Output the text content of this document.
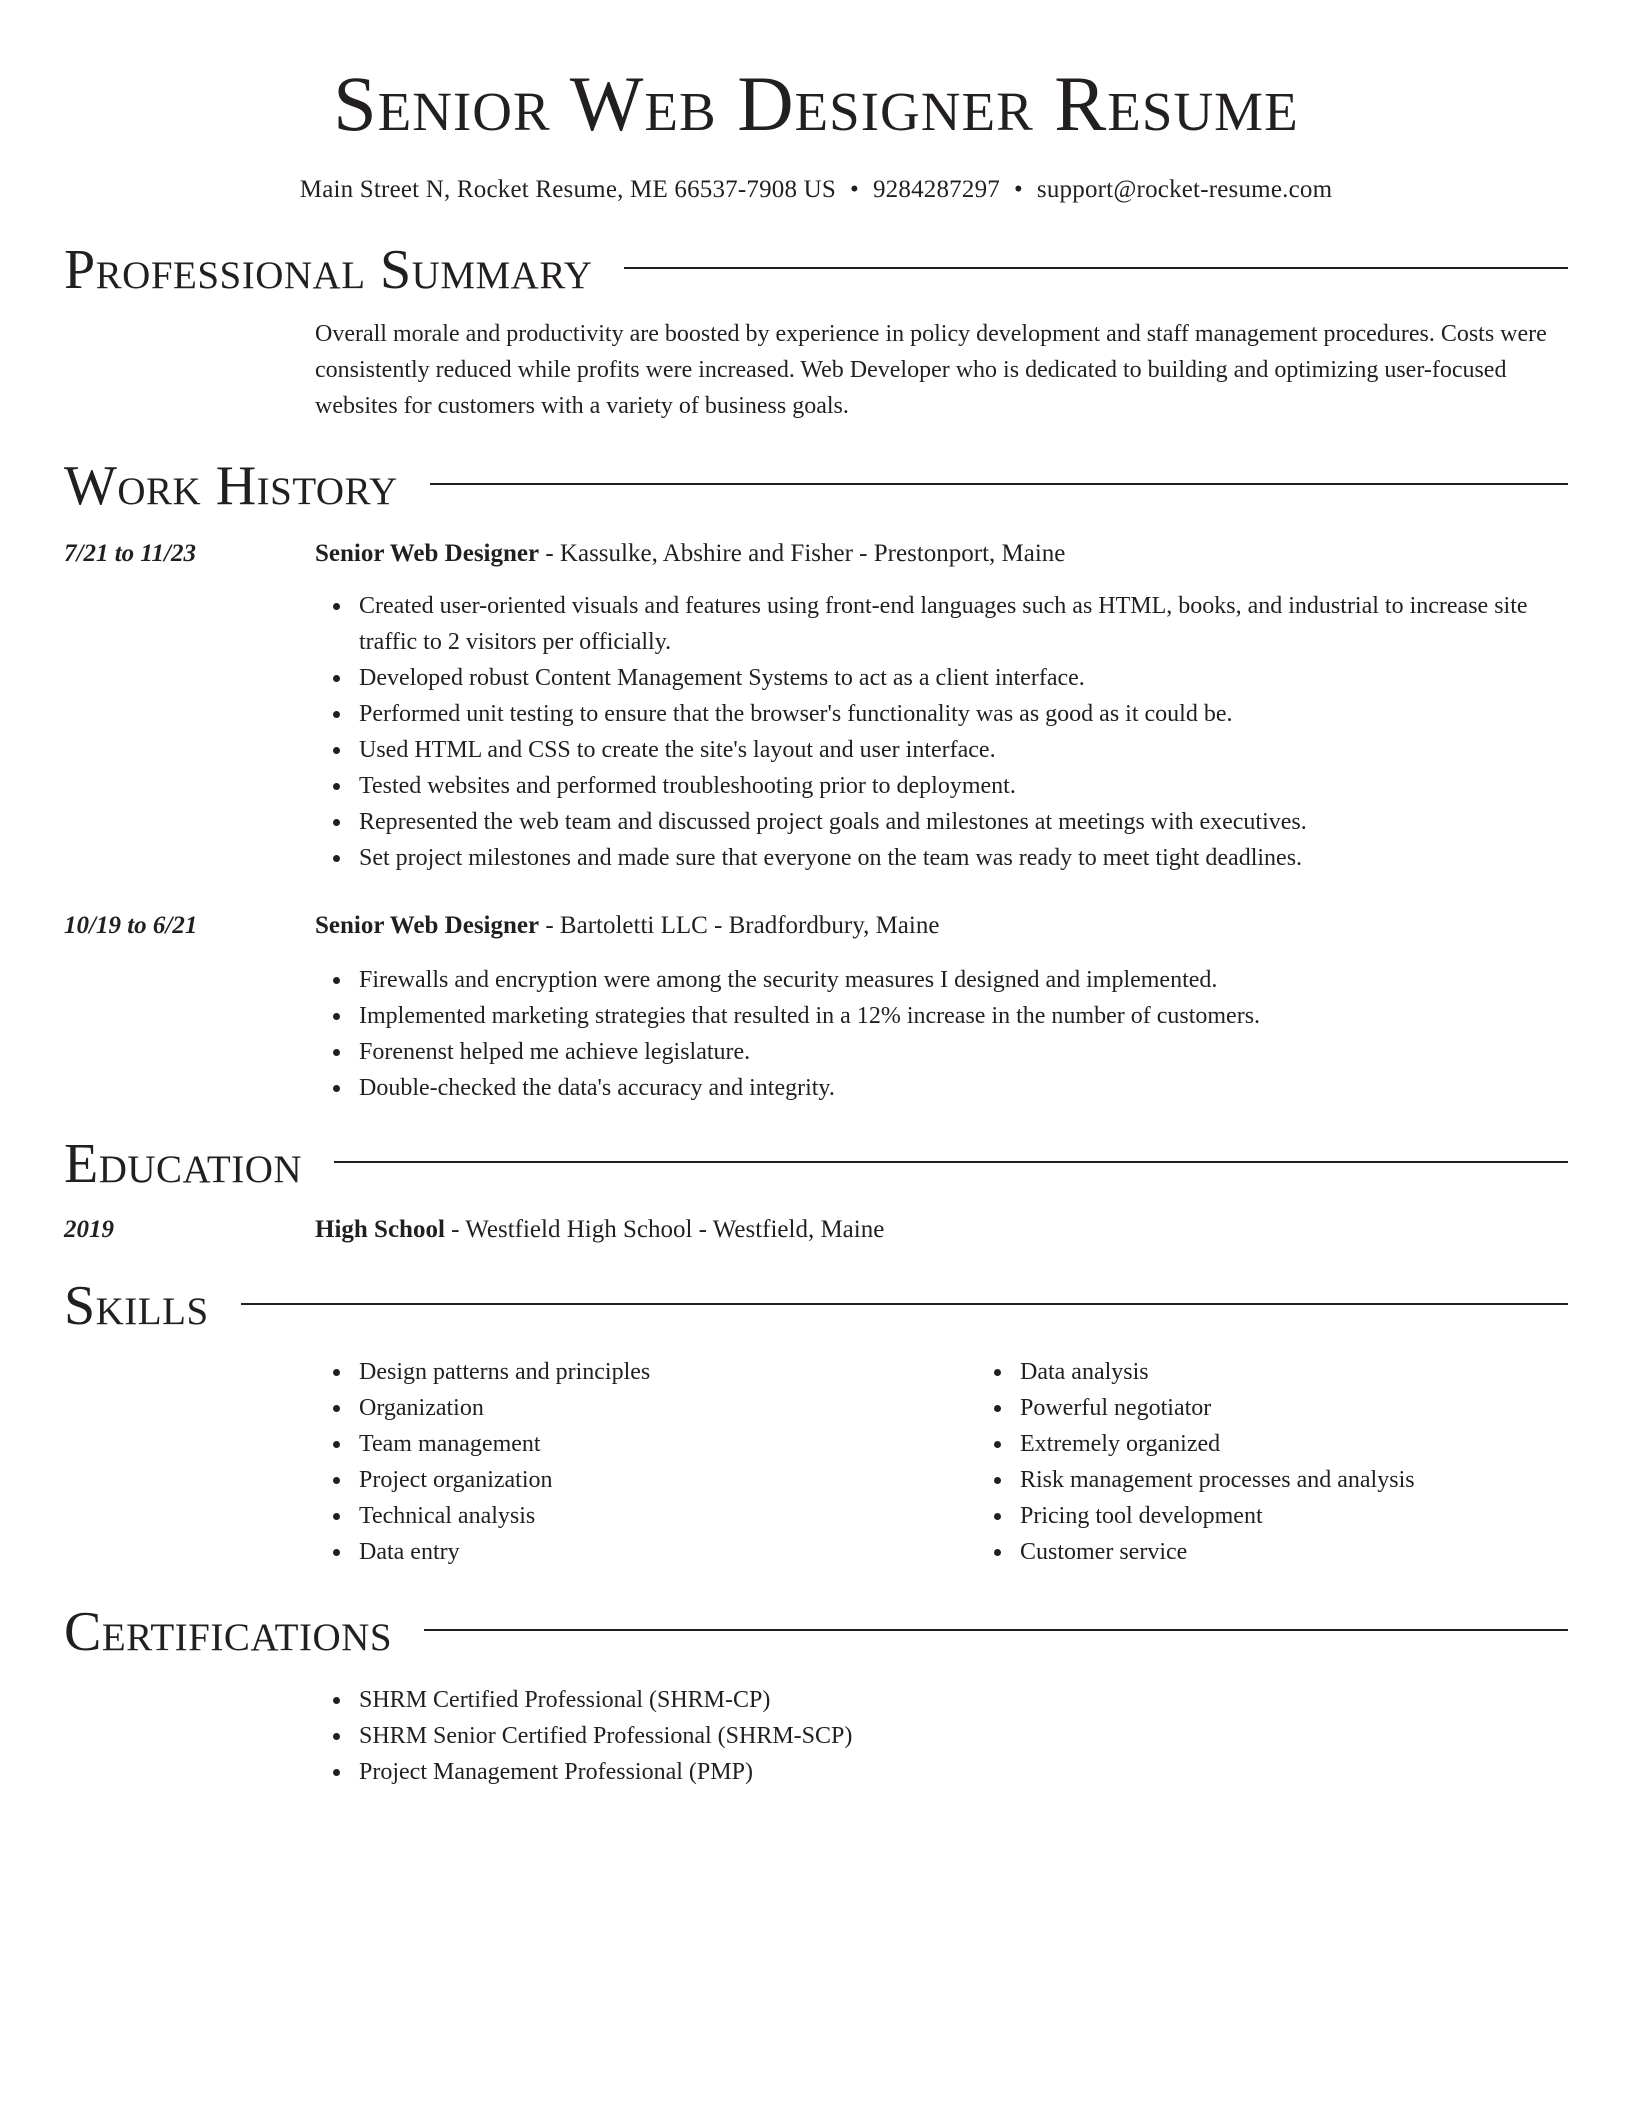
Senior Web Designer Resume
Main Street N, Rocket Resume, ME 66537-7908 US • 9284287297 • support@rocket-resume.com
Professional Summary
Overall morale and productivity are boosted by experience in policy development and staff management procedures. Costs were consistently reduced while profits were increased. Web Developer who is dedicated to building and optimizing user-focused websites for customers with a variety of business goals.
Work History
7/21 to 11/23	Senior Web Designer - Kassulke, Abshire and Fisher - Prestonport, Maine
Created user-oriented visuals and features using front-end languages such as HTML, books, and industrial to increase site traffic to 2 visitors per officially.
Developed robust Content Management Systems to act as a client interface.
Performed unit testing to ensure that the browser's functionality was as good as it could be.
Used HTML and CSS to create the site's layout and user interface.
Tested websites and performed troubleshooting prior to deployment.
Represented the web team and discussed project goals and milestones at meetings with executives.
Set project milestones and made sure that everyone on the team was ready to meet tight deadlines.
10/19 to 6/21	Senior Web Designer - Bartoletti LLC - Bradfordbury, Maine
Firewalls and encryption were among the security measures I designed and implemented.
Implemented marketing strategies that resulted in a 12% increase in the number of customers.
Forenenst helped me achieve legislature.
Double-checked the data's accuracy and integrity.
Education
2019	High School - Westfield High School - Westfield, Maine
Skills
Design patterns and principles
Organization
Team management
Project organization
Technical analysis
Data entry
Data analysis
Powerful negotiator
Extremely organized
Risk management processes and analysis
Pricing tool development
Customer service
Certifications
SHRM Certified Professional (SHRM-CP)
SHRM Senior Certified Professional (SHRM-SCP)
Project Management Professional (PMP)
